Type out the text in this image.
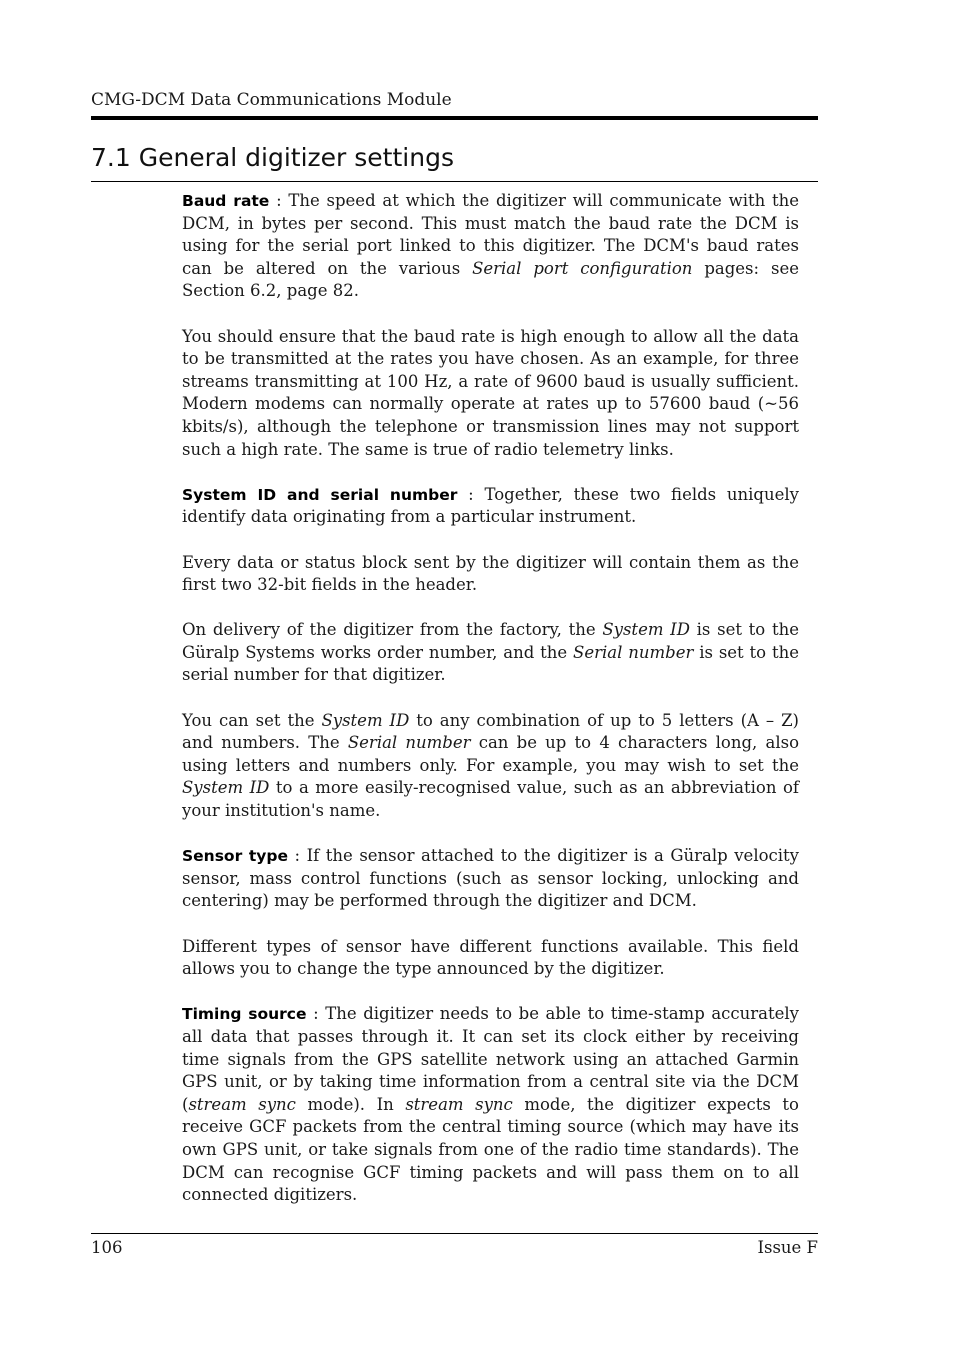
CMG-DCM Data Communications Module
7.1 General digitizer settings

Baud rate : The speed at which the digitizer will communicate with the DCM, in bytes per second. This must match the baud rate the DCM is using for the serial port linked to this digitizer. The DCM's baud rates can be altered on the various Serial port configuration pages: see Section 6.2, page 82.

You should ensure that the baud rate is high enough to allow all the data to be transmitted at the rates you have chosen. As an example, for three streams transmitting at 100 Hz, a rate of 9600 baud is usually sufficient. Modern modems can normally operate at rates up to 57600 baud (~56 kbits/s), although the telephone or transmission lines may not support such a high rate. The same is true of radio telemetry links.

System ID and serial number : Together, these two fields uniquely identify data originating from a particular instrument.

Every data or status block sent by the digitizer will contain them as the first two 32-bit fields in the header.

On delivery of the digitizer from the factory, the System ID is set to the Güralp Systems works order number, and the Serial number is set to the serial number for that digitizer.

You can set the System ID to any combination of up to 5 letters (A – Z) and numbers. The Serial number can be up to 4 characters long, also using letters and numbers only. For example, you may wish to set the System ID to a more easily-recognised value, such as an abbreviation of your institution's name.

Sensor type : If the sensor attached to the digitizer is a Güralp velocity sensor, mass control functions (such as sensor locking, unlocking and centering) may be performed through the digitizer and DCM.

Different types of sensor have different functions available. This field allows you to change the type announced by the digitizer.

Timing source : The digitizer needs to be able to time-stamp accurately all data that passes through it. It can set its clock either by receiving time signals from the GPS satellite network using an attached Garmin GPS unit, or by taking time information from a central site via the DCM (stream sync mode). In stream sync mode, the digitizer expects to receive GCF packets from the central timing source (which may have its own GPS unit, or take signals from one of the radio time standards). The DCM can recognise GCF timing packets and will pass them on to all connected digitizers.

106	Issue F
